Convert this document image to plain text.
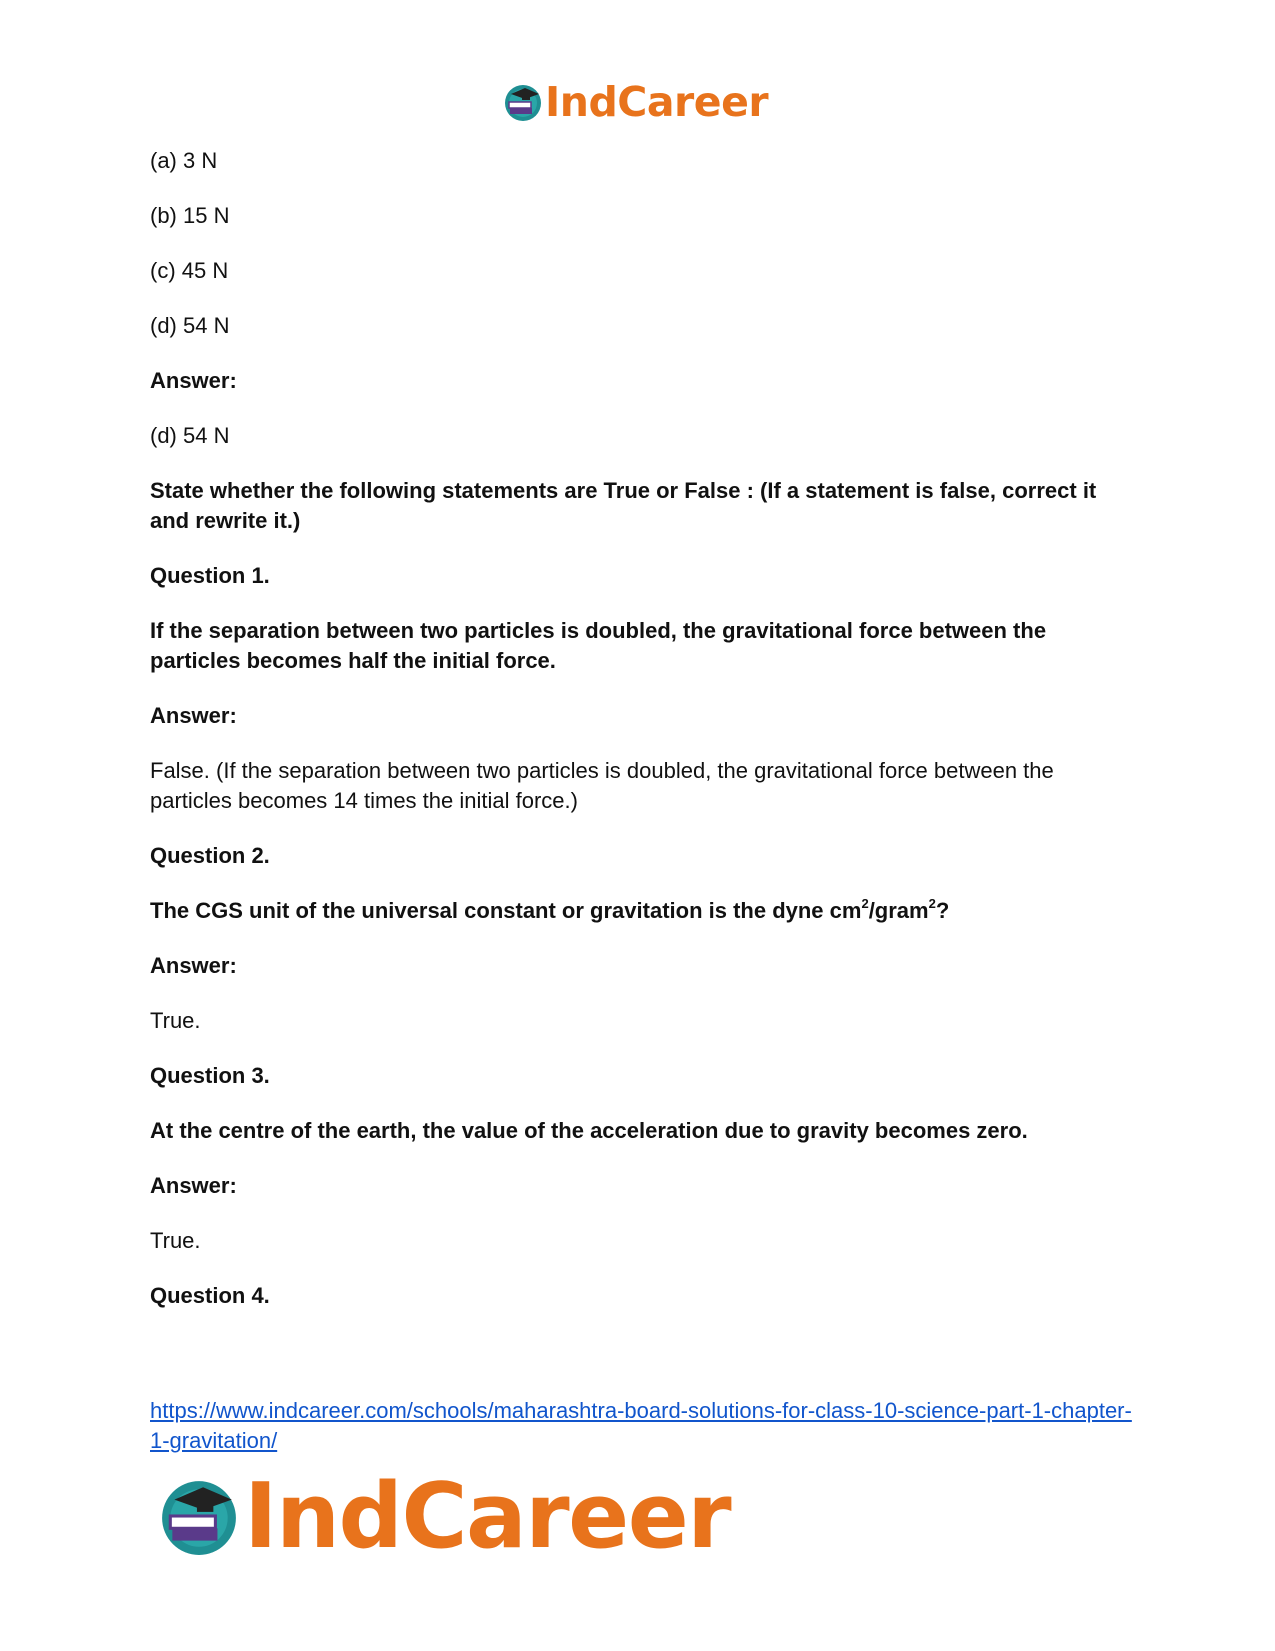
IndCareer

(a) 3 N

(b) 15 N

(c) 45 N

(d) 54 N

Answer:

(d) 54 N

State whether the following statements are True or False : (If a statement is false, correct it and rewrite it.)

Question 1.

If the separation between two particles is doubled, the gravitational force between the particles becomes half the initial force.

Answer:

False. (If the separation between two particles is doubled, the gravitational force between the particles becomes 14 times the initial force.)

Question 2.

The CGS unit of the universal constant or gravitation is the dyne $cm^2/gram^2$?

Answer:

True.

Question 3.

At the centre of the earth, the value of the acceleration due to gravity becomes zero.

Answer:

True.

Question 4.

https://www.indcareer.com/schools/maharashtra-board-solutions-for-class-10-science-part-1-chapter-1-gravitation/
IndCareer
